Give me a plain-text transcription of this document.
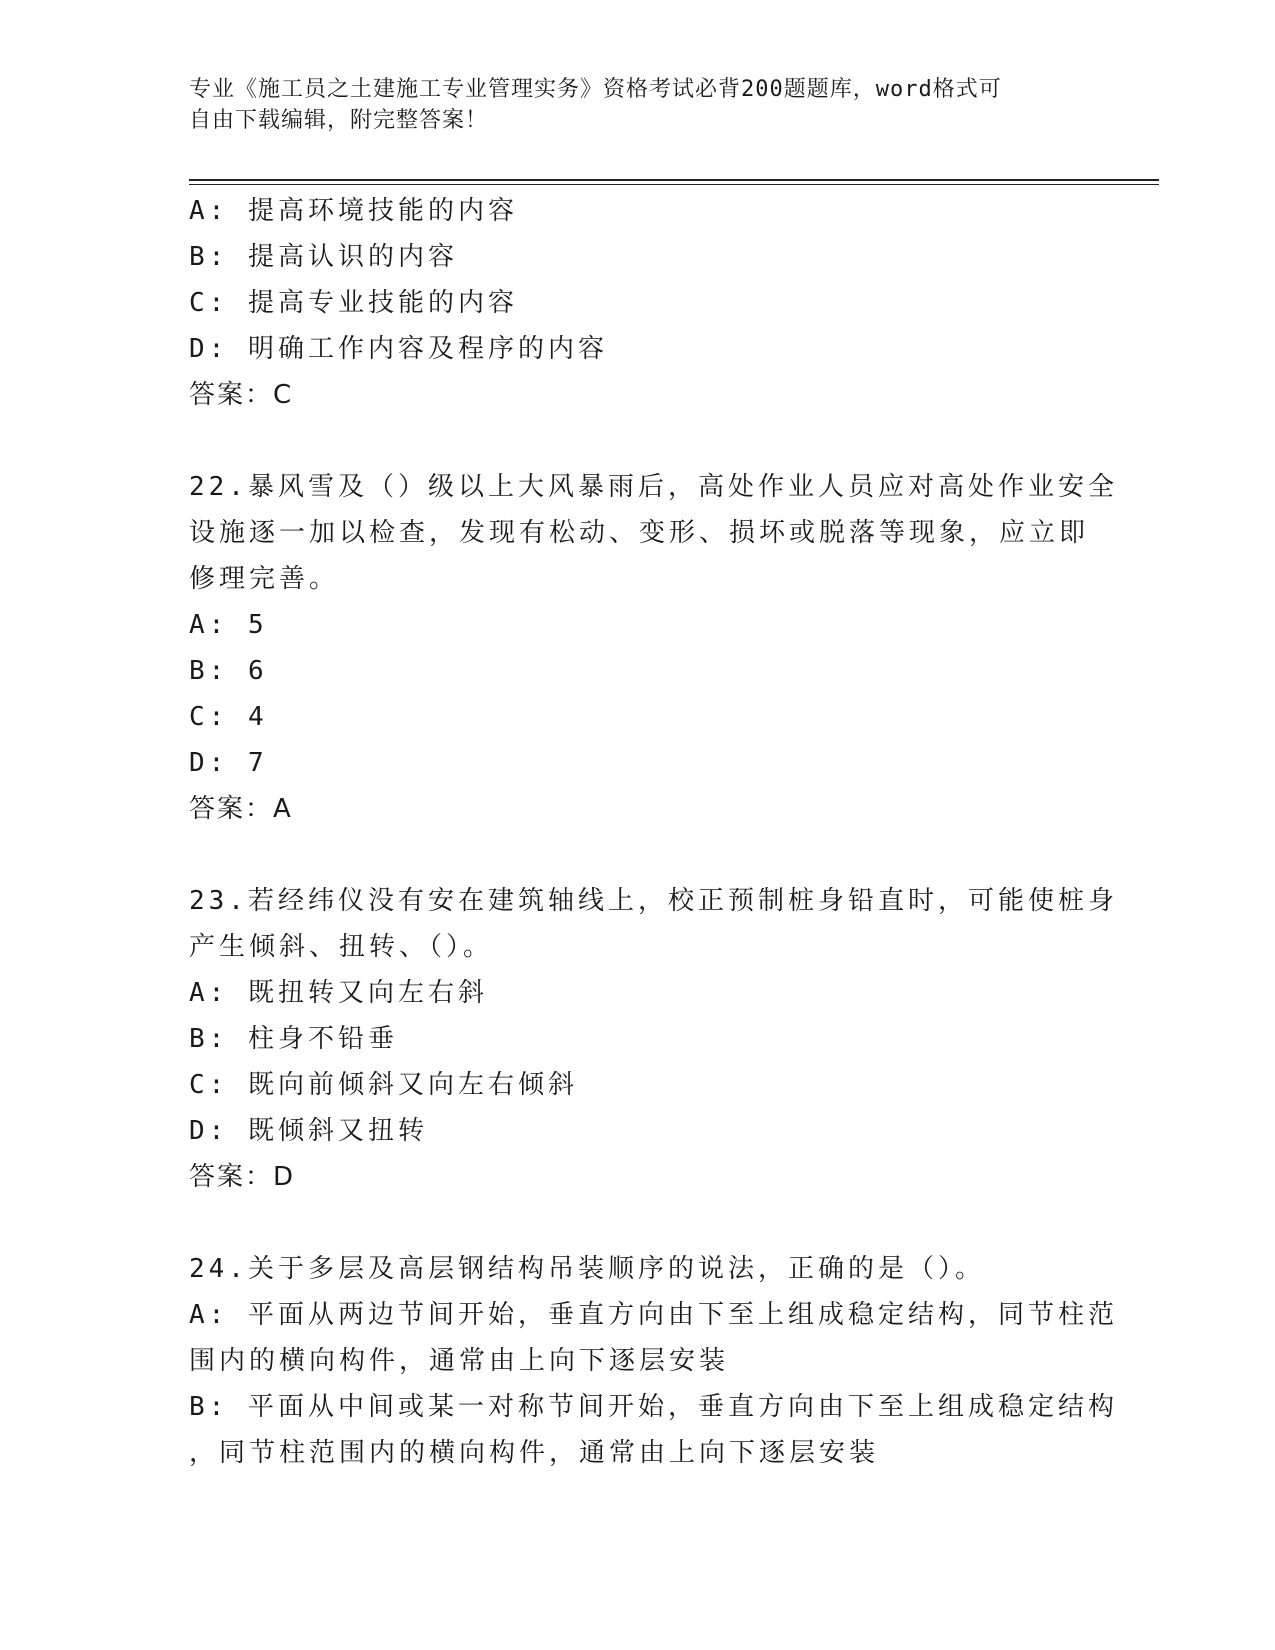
专业《施工员之土建施工专业管理实务》资格考试必背200题题库，word格式可
自由下载编辑，附完整答案！
A: 提高环境技能的内容
B: 提高认识的内容
C: 提高专业技能的内容
D: 明确工作内容及程序的内容
答案：C
22.暴风雪及（）级以上大风暴雨后，高处作业人员应对高处作业安全
设施逐一加以检查，发现有松动、变形、损坏或脱落等现象，应立即
修理完善。
A: 5
B: 6
C: 4
D: 7
答案：A
23.若经纬仪没有安在建筑轴线上，校正预制桩身铅直时，可能使桩身
产生倾斜、扭转、（）。
A: 既扭转又向左右斜
B: 柱身不铅垂
C: 既向前倾斜又向左右倾斜
D: 既倾斜又扭转
答案：D
24.关于多层及高层钢结构吊装顺序的说法，正确的是（）。
A: 平面从两边节间开始，垂直方向由下至上组成稳定结构，同节柱范
围内的横向构件，通常由上向下逐层安装
B: 平面从中间或某一对称节间开始，垂直方向由下至上组成稳定结构
，同节柱范围内的横向构件，通常由上向下逐层安装
